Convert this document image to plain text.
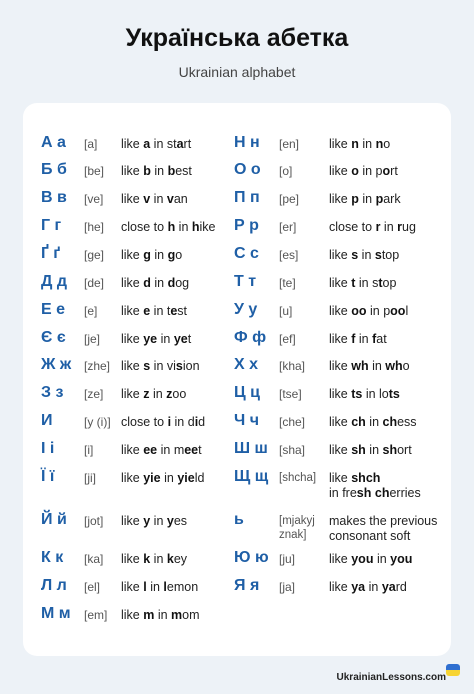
Українська абетка
Ukrainian alphabet
А а	[a] like a in start
Б б	[be] like b in best
В в	[ve] like v in van
Г г	[he] close to h in hike
Ґ ґ	[ge] like g in go
Д д	[de] like d in dog
Е е	[e] like e in test
Є є	[je] like ye in yet
Ж ж	[zhe] like s in vision
З з	[ze] like z in zoo
И	[y (i)] close to i in did
І і	[i] like ee in meet
Ї ї	[ji] like yie in yield
Й й	[jot] like y in yes
К к	[ka] like k in key
Л л	[el] like l in lemon
М м	[em] like m in mom
Н н	[en] like n in no
О о	[o]	like o in port
П п	[pe] like p in park
Р р	[er]	close to r in rug
С с	[es] like s in stop
Т т	[te]	like t in stop
У у	[u]	like oo in pool
Ф ф	[ef]	like f in fat
Х х	[kha] like wh in who
Ц ц	[tse] like ts in lots
Ч ч	[che] like ch in chess
Ш ш [sha] like sh in short
Щ щ [shcha] like shch
in fresh cherries
ь	[mjakyj znak]
makes the previous
consonant soft
Ю ю [ju]	like you in you
Я я	[ja]	like ya in yard
UkrainianLessons.com
